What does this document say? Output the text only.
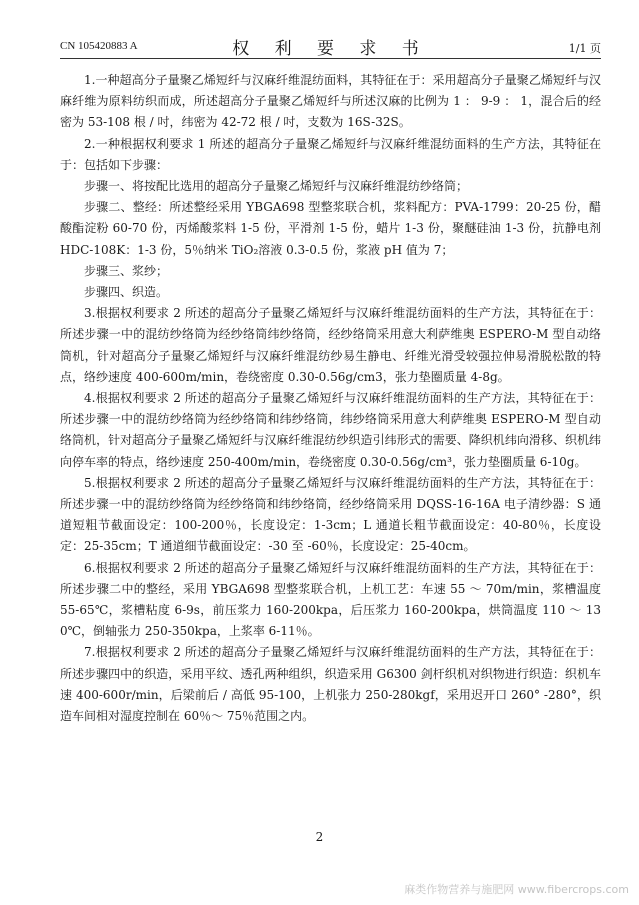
CN 105420883 A	权 利 要 求 书	1/1 页

1.一种超高分子量聚乙烯短纤与汉麻纤维混纺面料，其特征在于：采用超高分子量聚乙烯短纤与汉麻纤维为原料纺织而成，所述超高分子量聚乙烯短纤与所述汉麻的比例为 1 ： 9-9 ： 1，混合后的经密为 53-108 根 / 吋，纬密为 42-72 根 / 吋，支数为 16S-32S。

2.一种根据权利要求 1 所述的超高分子量聚乙烯短纤与汉麻纤维混纺面料的生产方法，其特征在于：包括如下步骤：

步骤一、将按配比选用的超高分子量聚乙烯短纤与汉麻纤维混纺纱络筒；

步骤二、整经：所述整经采用 YBGA698 型整浆联合机，浆料配方：PVA-1799：20-25 份，醋酸酯淀粉 60-70 份，丙烯酸浆料 1-5 份，平滑剂 1-5 份，蜡片 1-3 份，聚醚硅油 1-3 份，抗静电剂 HDC-108K：1-3 份，5％纳米 TiO₂溶液 0.3-0.5 份，浆液 pH 值为 7；

步骤三、浆纱；

步骤四、织造。

3.根据权利要求 2 所述的超高分子量聚乙烯短纤与汉麻纤维混纺面料的生产方法，其特征在于：所述步骤一中的混纺纱络筒为经纱络筒纬纱络筒，经纱络筒采用意大利萨维奥 ESPERO-M 型自动络筒机，针对超高分子量聚乙烯短纤与汉麻纤维混纺纱易生静电、纤维光滑受较强拉伸易滑脱松散的特点，络纱速度 400-600m/min，卷绕密度 0.30-0.56g/cm3，张力垫圈质量 4-8g。

4.根据权利要求 2 所述的超高分子量聚乙烯短纤与汉麻纤维混纺面料的生产方法，其特征在于：所述步骤一中的混纺纱络筒为经纱络筒和纬纱络筒，纬纱络筒采用意大利萨维奥 ESPERO-M 型自动络筒机，针对超高分子量聚乙烯短纤与汉麻纤维混纺纱织造引纬形式的需要、降织机纬向滑移、织机纬向停车率的特点，络纱速度 250-400m/min，卷绕密度 0.30-0.56g/cm³，张力垫圈质量 6-10g。

5.根据权利要求 2 所述的超高分子量聚乙烯短纤与汉麻纤维混纺面料的生产方法，其特征在于：所述步骤一中的混纺纱络筒为经纱络筒和纬纱络筒，经纱络筒采用 DQSS-16-16A 电子清纱器：S 通道短粗节截面设定：100-200％，长度设定：1-3cm；L 通道长粗节截面设定：40-80％，长度设定：25-35cm；T 通道细节截面设定：-30 至 -60％，长度设定：25-40cm。

6.根据权利要求 2 所述的超高分子量聚乙烯短纤与汉麻纤维混纺面料的生产方法，其特征在于：所述步骤二中的整经，采用 YBGA698 型整浆联合机，上机工艺：车速 55 ～ 70m/min，浆槽温度 55-65℃，浆槽粘度 6-9s，前压浆力 160-200kpa，后压浆力 160-200kpa，烘筒温度 110 ～ 130℃，倒轴张力 250-350kpa，上浆率 6-11％。

7.根据权利要求 2 所述的超高分子量聚乙烯短纤与汉麻纤维混纺面料的生产方法，其特征在于：所述步骤四中的织造，采用平纹、透孔两种组织，织造采用 G6300 剑杆织机对织物进行织造：织机车速 400-600r/min，后梁前后 / 高低 95-100，上机张力 250-280kgf，采用迟开口 260° -280°，织造车间相对湿度控制在 60％～ 75％范围之内。

2
麻类作物营养与施肥网 www.fibercrops.com
